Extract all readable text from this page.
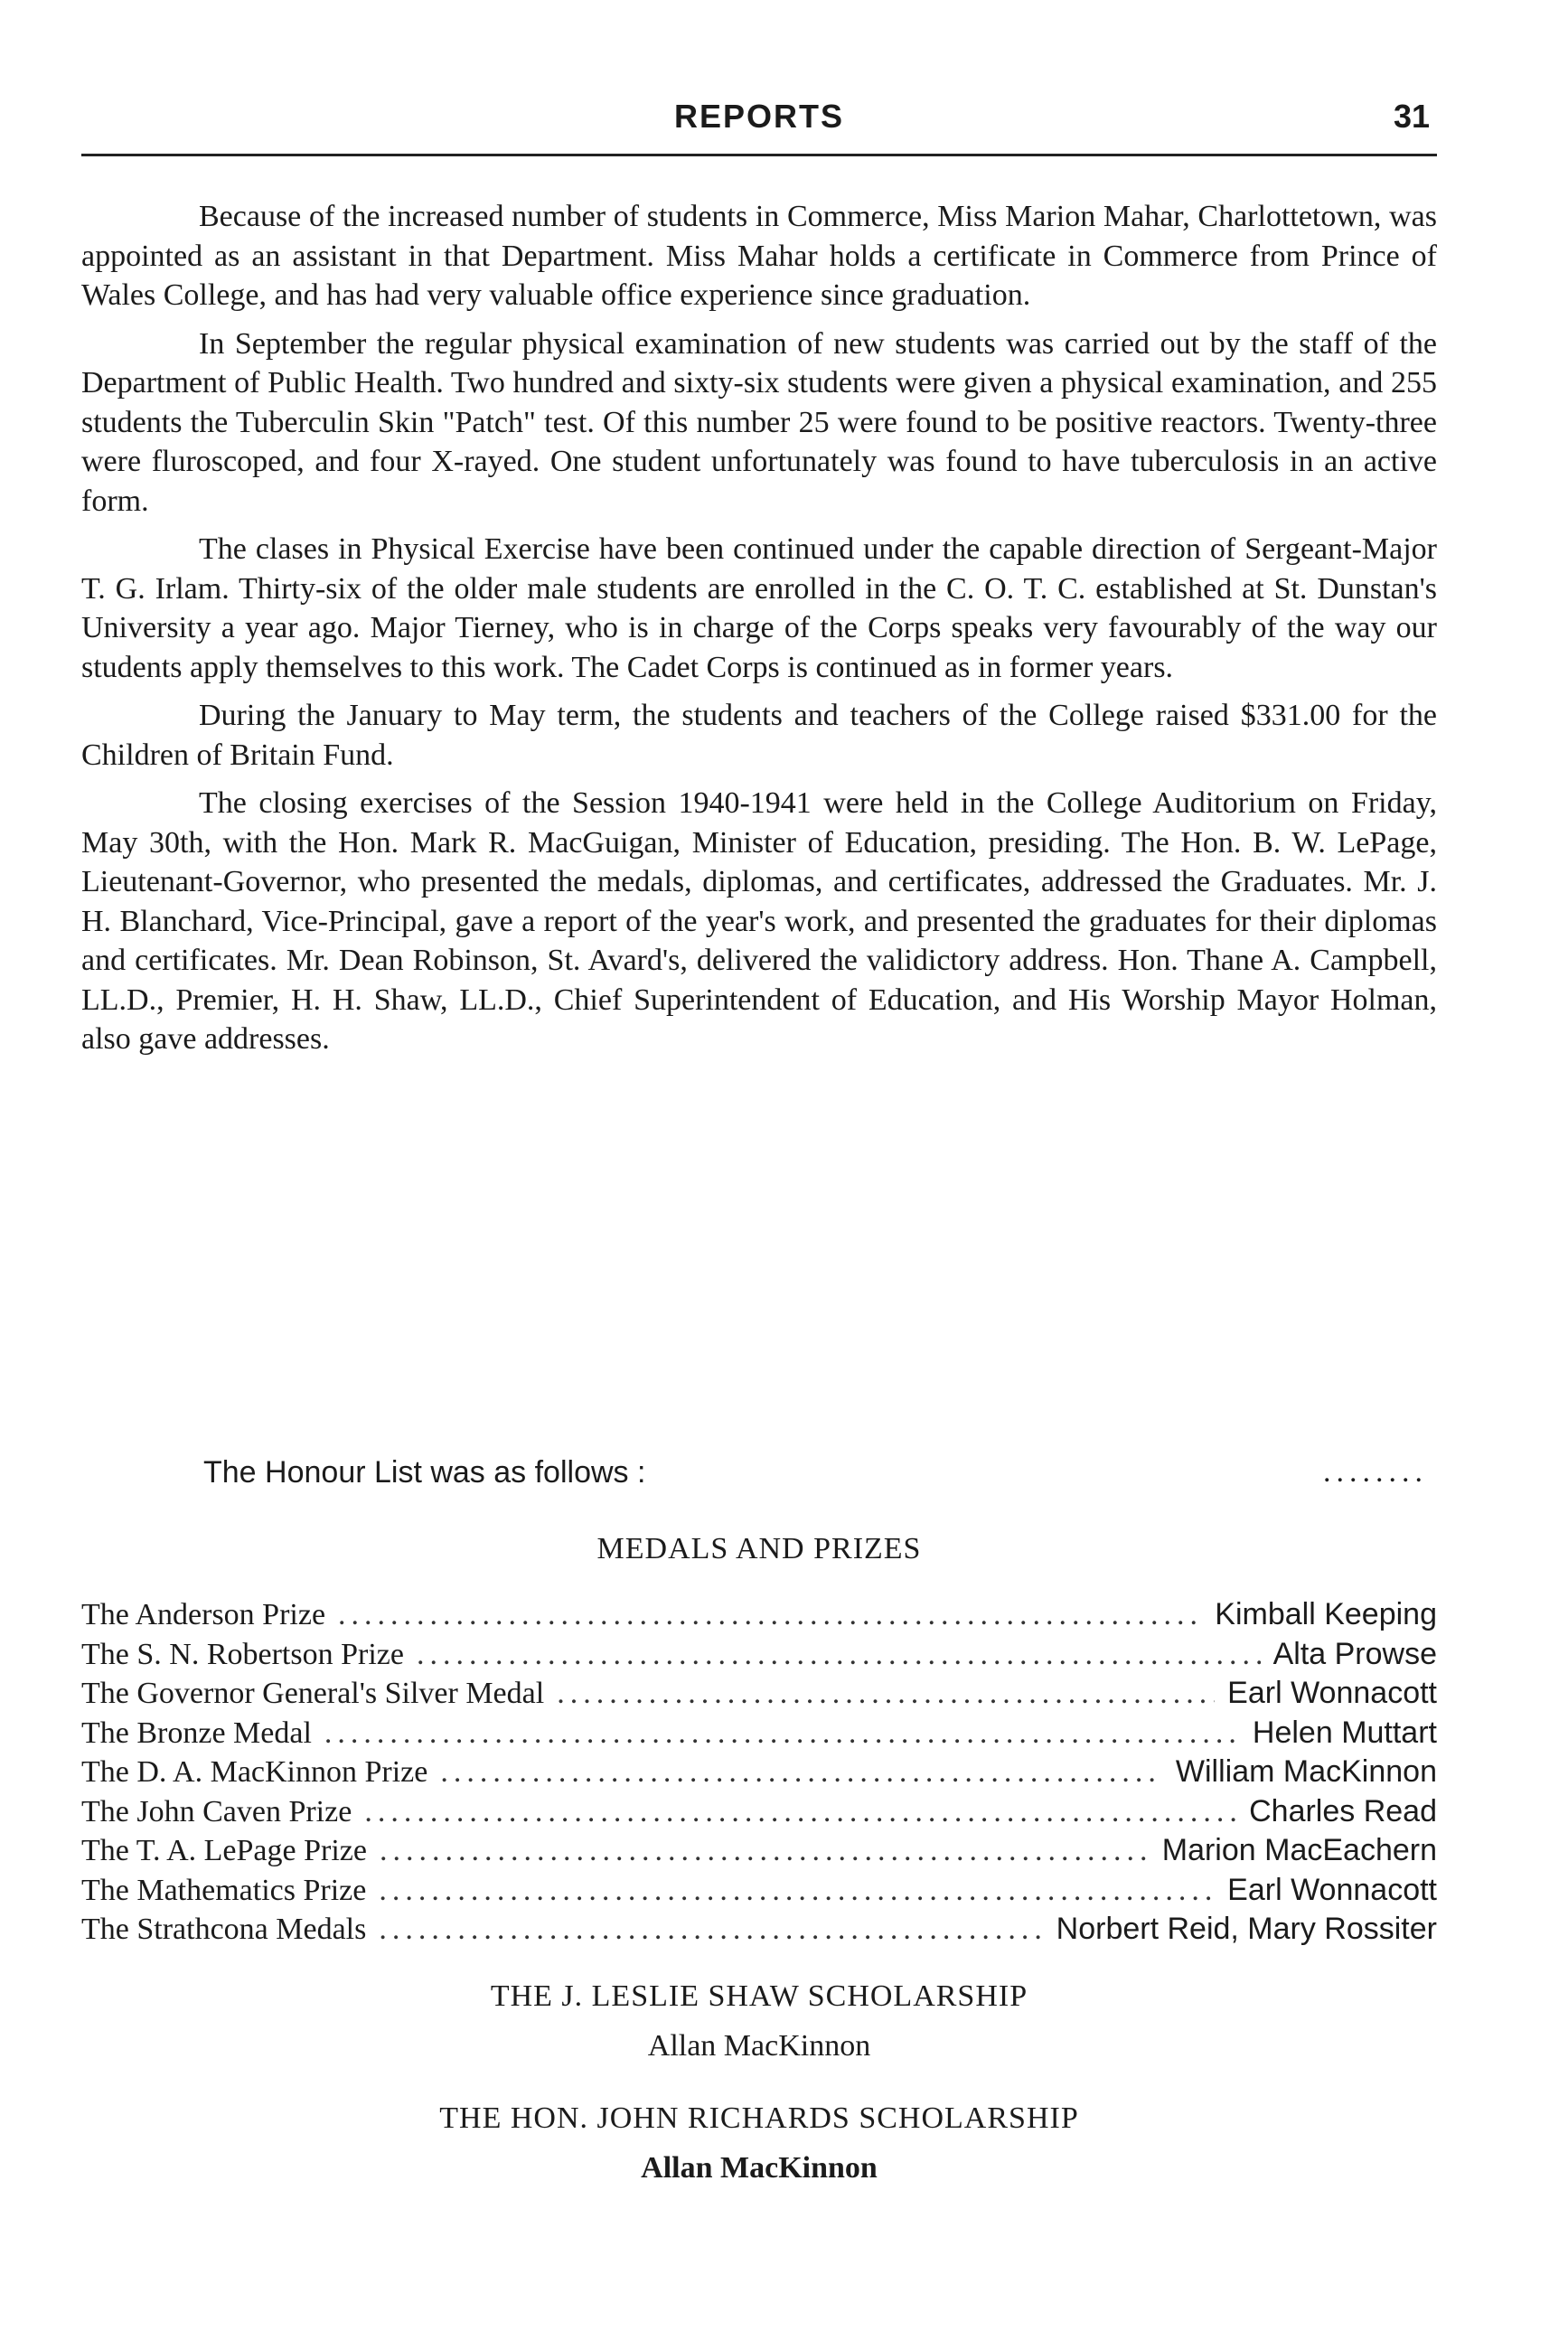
REPORTS	31

Because of the increased number of students in Commerce, Miss Marion Mahar, Charlottetown, was appointed as an assistant in that Department. Miss Mahar holds a certificate in Commerce from Prince of Wales College, and has had very valuable office experience since graduation.

In September the regular physical examination of new students was carried out by the staff of the Department of Public Health. Two hundred and sixty-six students were given a physical examination, and 255 students the Tuberculin Skin "Patch" test. Of this number 25 were found to be positive reactors. Twenty-three were fluroscoped, and four X-rayed. One student unfortunately was found to have tuberculosis in an active form.

The clases in Physical Exercise have been continued under the capable direction of Sergeant-Major T. G. Irlam. Thirty-six of the older male students are enrolled in the C. O. T. C. established at St. Dunstan's University a year ago. Major Tierney, who is in charge of the Corps speaks very favourably of the way our students apply themselves to this work. The Cadet Corps is continued as in former years.

During the January to May term, the students and teachers of the College raised $331.00 for the Children of Britain Fund.

The closing exercises of the Session 1940-1941 were held in the College Auditorium on Friday, May 30th, with the Hon. Mark R. MacGuigan, Minister of Education, presiding. The Hon. B. W. LePage, Lieutenant-Governor, who presented the medals, diplomas, and certificates, addressed the Graduates. Mr. J. H. Blanchard, Vice-Principal, gave a report of the year's work, and presented the graduates for their diplomas and certificates. Mr. Dean Robinson, St. Avard's, delivered the validictory address. Hon. Thane A. Campbell, LL.D., Premier, H. H. Shaw, LL.D., Chief Superintendent of Education, and His Worship Mayor Holman, also gave addresses.

The Honour List was as follows :	........
MEDALS AND PRIZES
The Anderson Prize .....	Kimball Keeping
The S. N. Robertson Prize .....	Alta Prowse
The Governor General's Silver Medal .....	Earl Wonnacott
The Bronze Medal .....	Helen Muttart
The D. A. MacKinnon Prize .....	William MacKinnon
The John Caven Prize .....	Charles Read
The T. A. LePage Prize .....	Marion MacEachern
The Mathematics Prize .....	Earl Wonnacott
The Strathcona Medals .....	Norbert Reid, Mary Rossiter
THE J. LESLIE SHAW SCHOLARSHIP
Allan MacKinnon
THE HON. JOHN RICHARDS SCHOLARSHIP
Allan MacKinnon
